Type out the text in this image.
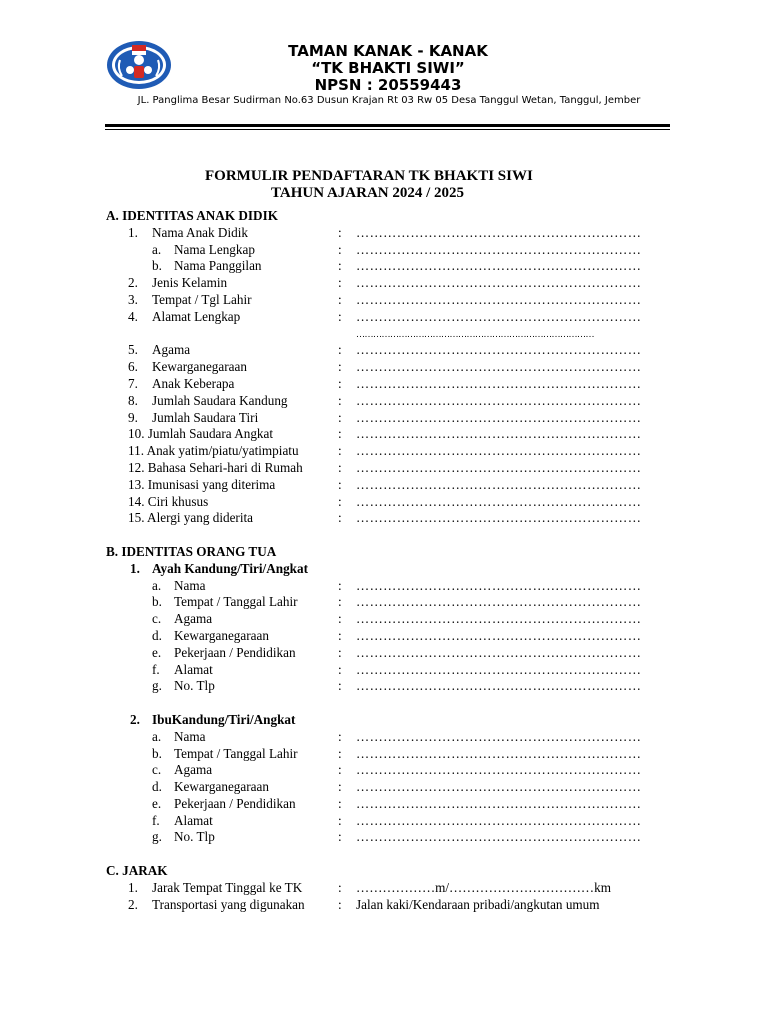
TAMAN KANAK - KANAK
“TK BHAKTI SIWI”
NPSN : 20559443
JL. Panglima Besar Sudirman No.63 Dusun Krajan Rt 03 Rw 05 Desa Tanggul Wetan, Tanggul, Jember
FORMULIR PENDAFTARAN TK BHAKTI SIWI
TAHUN AJARAN 2024 / 2025
A. IDENTITAS ANAK DIDIK
1. Nama Anak Didik	: ………………………………………………………
a. Nama Lengkap	: ………………………………………………………
b. Nama Panggilan	: ………………………………………………………
2. Jenis Kelamin	: ………………………………………………………
3. Tempat / Tgl Lahir	: ………………………………………………………
4. Alamat Lengkap	: ………………………………………………………
…………………………………………………………………………
5. Agama	: ………………………………………………………
6. Kewarganegaraan	: ………………………………………………………
7. Anak Keberapa	: ………………………………………………………
8. Jumlah Saudara Kandung	: ………………………………………………………
9. Jumlah Saudara Tiri	: ………………………………………………………
10. Jumlah Saudara Angkat	: ………………………………………………………
11. Anak yatim/piatu/yatimpiatu	: ………………………………………………………
12. Bahasa Sehari-hari di Rumah	: ………………………………………………………
13. Imunisasi yang diterima	: ………………………………………………………
14. Ciri khusus	: ………………………………………………………
15. Alergi yang diderita	: ………………………………………………………
B. IDENTITAS ORANG TUA
1. Ayah Kandung/Tiri/Angkat
a. Nama	: ………………………………………………………
b. Tempat / Tanggal Lahir	: ………………………………………………………
c. Agama	: ………………………………………………………
d. Kewarganegaraan	: ………………………………………………………
e. Pekerjaan / Pendidikan	: ………………………………………………………
f. Alamat	: ………………………………………………………
g. No. Tlp	: ………………………………………………………
2. IbuKandung/Tiri/Angkat
a. Nama	: ………………………………………………………
b. Tempat / Tanggal Lahir	: ………………………………………………………
c. Agama	: ………………………………………………………
d. Kewarganegaraan	: ………………………………………………………
e. Pekerjaan / Pendidikan	: ………………………………………………………
f. Alamat	: ………………………………………………………
g. No. Tlp	: ………………………………………………………
C. JARAK
1. Jarak Tempat Tinggal ke TK	: ………………m/……………………………km
2. Transportasi yang digunakan	: Jalan kaki/Kendaraan pribadi/angkutan umum
